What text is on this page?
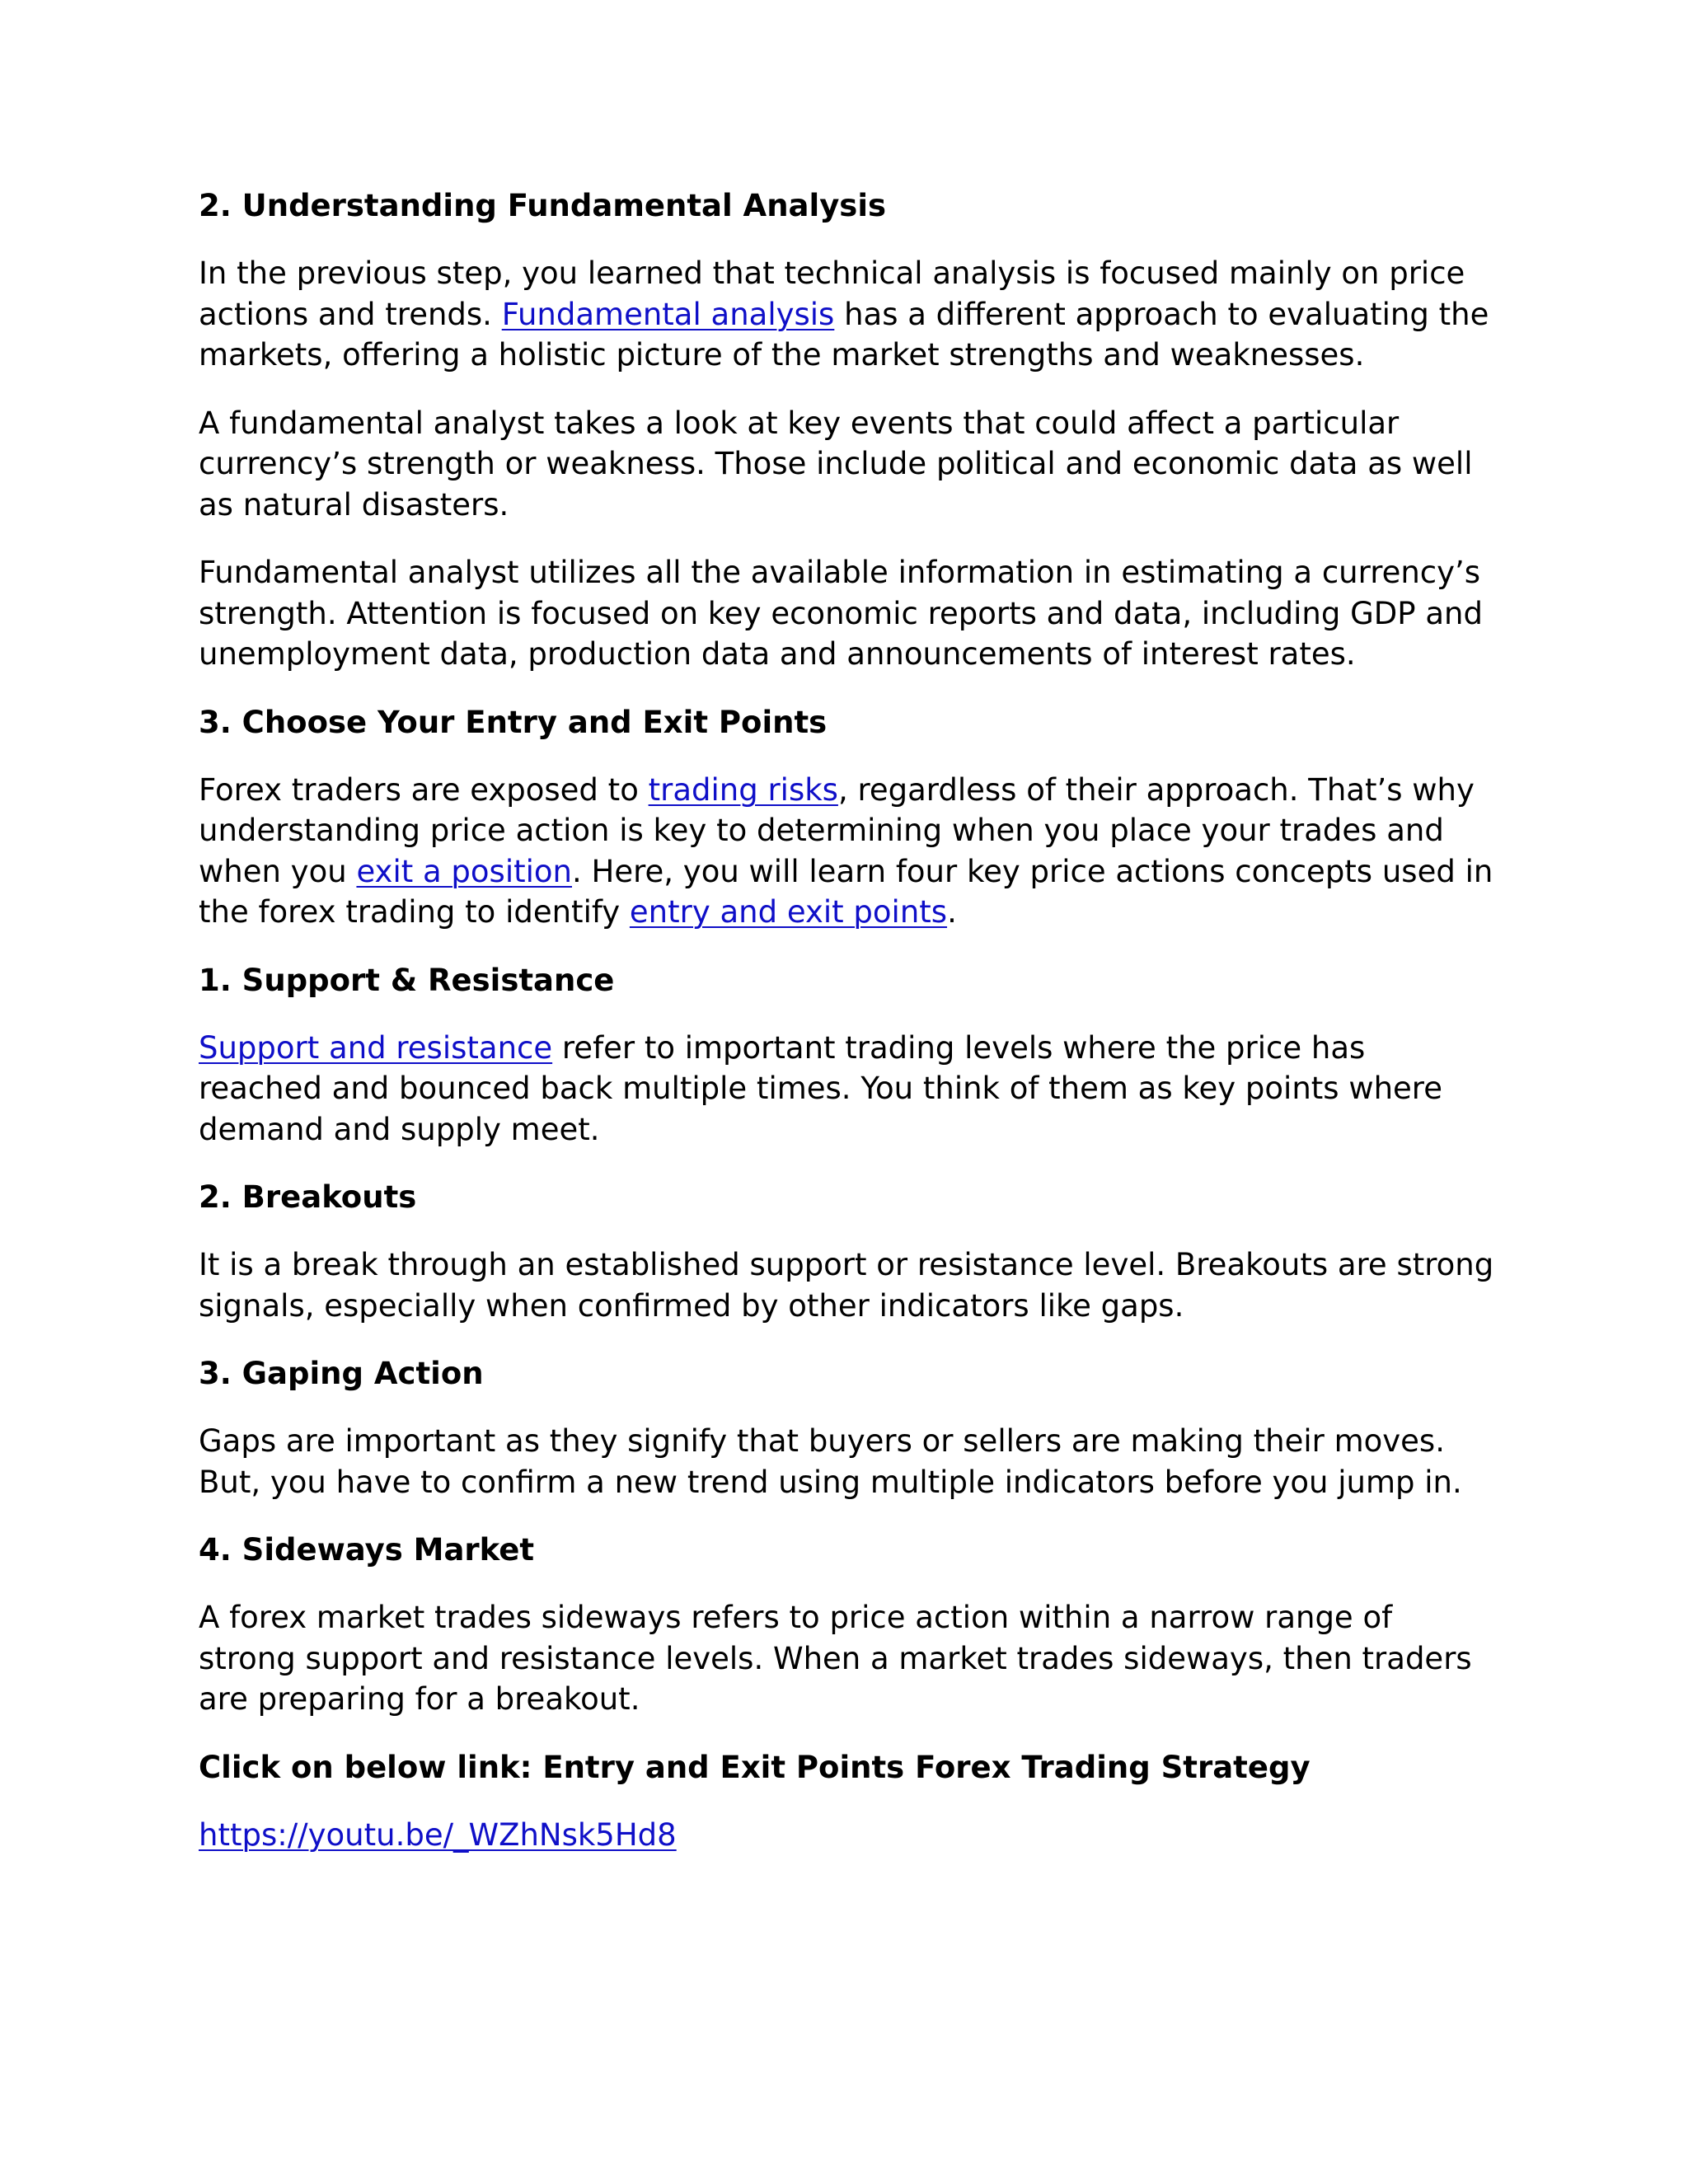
2. Understanding Fundamental Analysis

In the previous step, you learned that technical analysis is focused mainly on price
actions and trends. Fundamental analysis has a different approach to evaluating the
markets, offering a holistic picture of the market strengths and weaknesses.

A fundamental analyst takes a look at key events that could affect a particular
currency’s strength or weakness. Those include political and economic data as well
as natural disasters.

Fundamental analyst utilizes all the available information in estimating a currency’s
strength. Attention is focused on key economic reports and data, including GDP and
unemployment data, production data and announcements of interest rates.

3. Choose Your Entry and Exit Points

Forex traders are exposed to trading risks, regardless of their approach. That’s why
understanding price action is key to determining when you place your trades and
when you exit a position. Here, you will learn four key price actions concepts used in
the forex trading to identify entry and exit points.

1. Support & Resistance

Support and resistance refer to important trading levels where the price has
reached and bounced back multiple times. You think of them as key points where
demand and supply meet.

2. Breakouts

It is a break through an established support or resistance level. Breakouts are strong
signals, especially when confirmed by other indicators like gaps.

3. Gaping Action

Gaps are important as they signify that buyers or sellers are making their moves.
But, you have to confirm a new trend using multiple indicators before you jump in.

4. Sideways Market

A forex market trades sideways refers to price action within a narrow range of
strong support and resistance levels. When a market trades sideways, then traders
are preparing for a breakout.

Click on below link: Entry and Exit Points Forex Trading Strategy

https://youtu.be/_WZhNsk5Hd8
